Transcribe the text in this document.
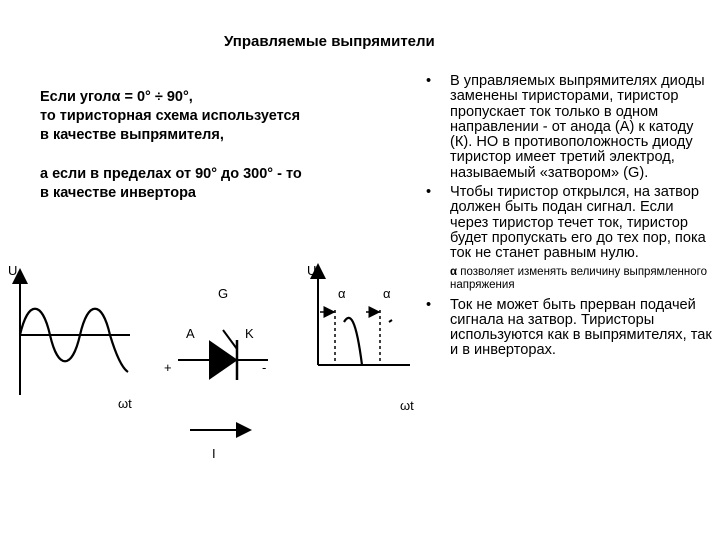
Управляемые выпрямители

Если уголα = 0° ÷ 90°,

то тиристорная схема используется

в качестве выпрямителя,

а если в пределах от 90° до 300° - то

в качестве инвертора

• В управляемых выпрямителях диоды заменены тиристорами, тиристор пропускает ток только в одном направлении - от анода (А) к катоду (К). НО в противоположность диоду тиристор имеет третий электрод, называемый «затвором» (G).
• Чтобы тиристор открылся, на затвор должен быть подан сигнал. Если через тиристор течет ток, тиристор будет пропускать его до тех пор, пока ток не станет равным нулю.
α позволяет изменять величину выпрямленного напряжения
• Ток не может быть прерван подачей сигнала на затвор. Тиристоры используются как в выпрямителях, так и в инверторах.
U
ωt
G
A	K
+	-
I
U
α	α
ωt
